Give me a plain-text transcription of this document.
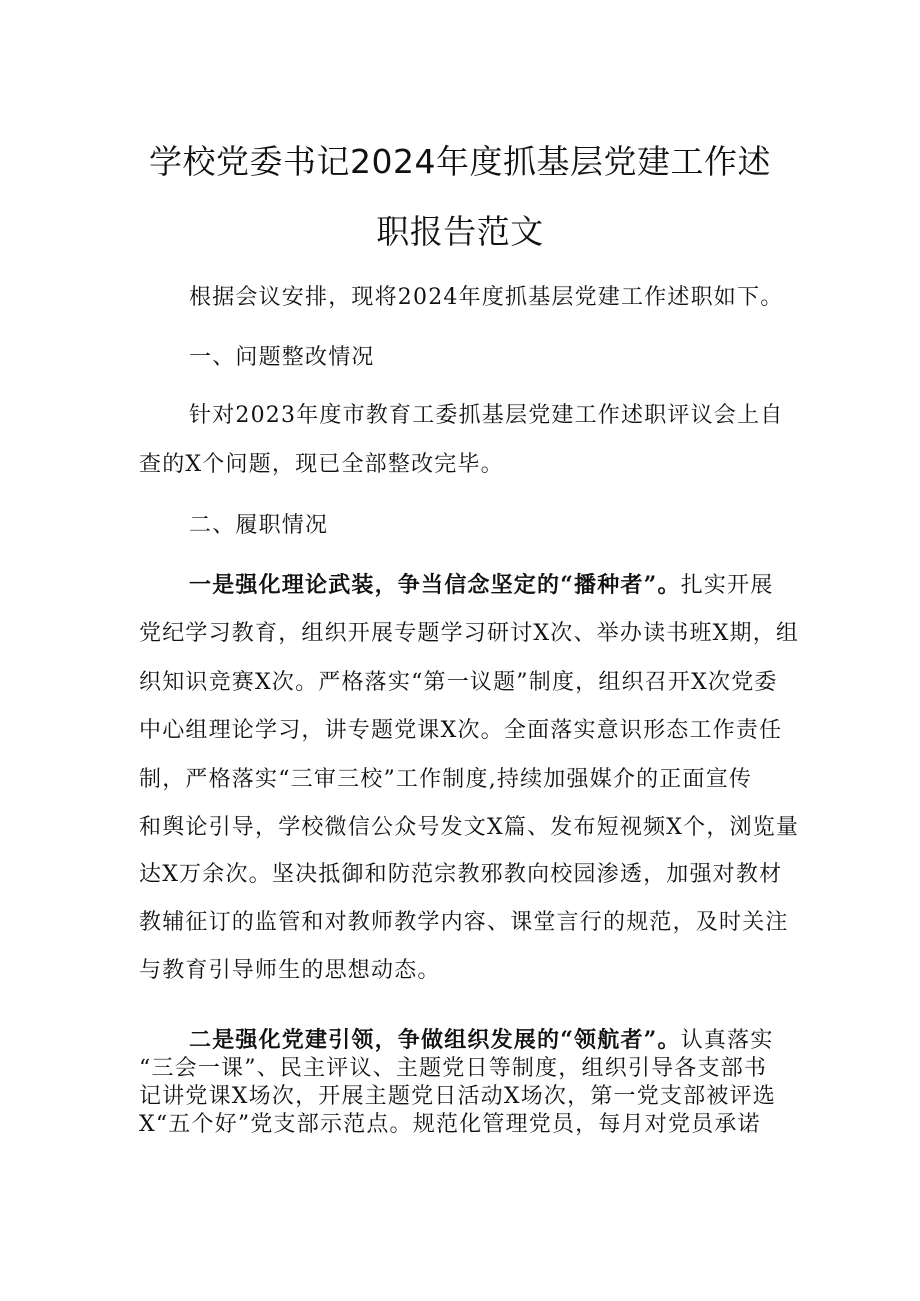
学校党委书记2024年度抓基层党建工作述
职报告范文
根据会议安排，现将2024年度抓基层党建工作述职如下。
一、问题整改情况
针对2023年度市教育工委抓基层党建工作述职评议会上自
查的X个问题，现已全部整改完毕。
二、履职情况
一是强化理论武装，争当信念坚定的“播种者”。扎实开展
党纪学习教育，组织开展专题学习研讨X次、举办读书班X期，组
织知识竞赛X次。严格落实“第一议题”制度，组织召开X次党委
中心组理论学习，讲专题党课X次。全面落实意识形态工作责任
制，严格落实“三审三校”工作制度,持续加强媒介的正面宣传
和舆论引导，学校微信公众号发文X篇、发布短视频X个，浏览量
达X万余次。坚决抵御和防范宗教邪教向校园渗透，加强对教材
教辅征订的监管和对教师教学内容、课堂言行的规范，及时关注
与教育引导师生的思想动态。
二是强化党建引领，争做组织发展的“领航者”。认真落实
“三会一课”、民主评议、主题党日等制度，组织引导各支部书
记讲党课X场次，开展主题党日活动X场次，第一党支部被评选
X“五个好”党支部示范点。规范化管理党员，每月对党员承诺
